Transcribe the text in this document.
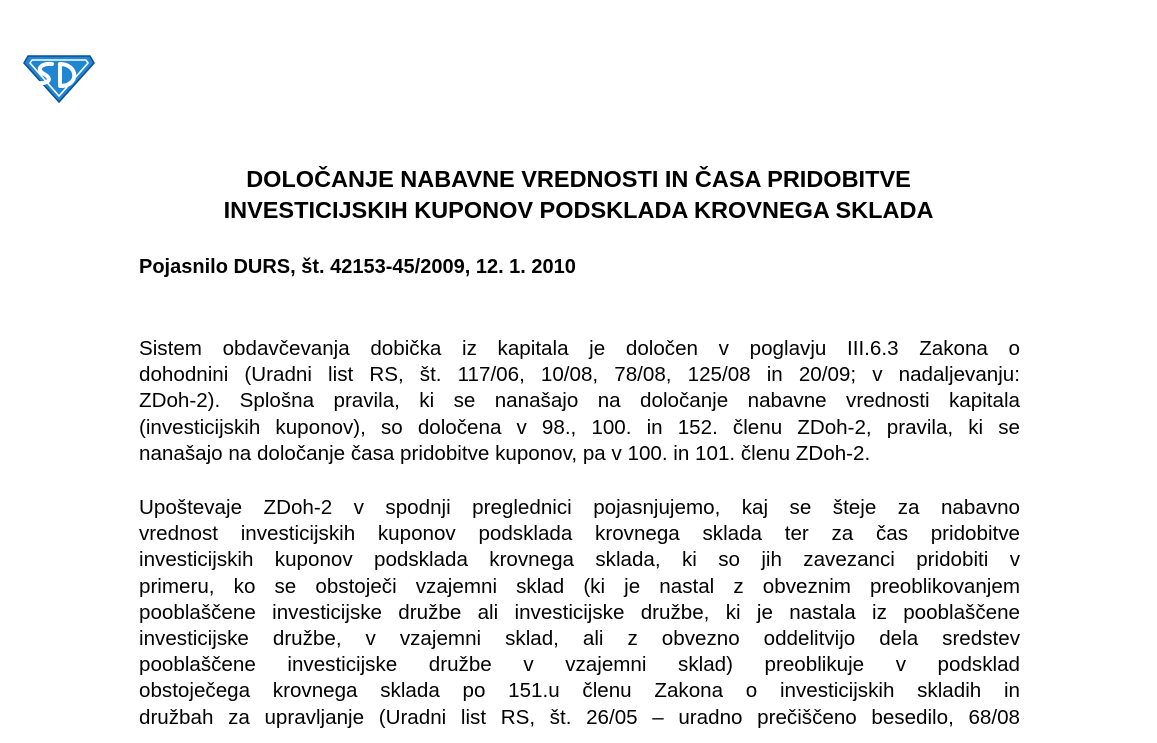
DOLOČANJE NABAVNE VREDNOSTI IN ČASA PRIDOBITVE
INVESTICIJSKIH KUPONOV PODSKLADA KROVNEGA SKLADA
Pojasnilo DURS, št. 42153-45/2009, 12. 1. 2010
Sistem obdavčevanja dobička iz kapitala je določen v poglavju III.6.3 Zakona o
dohodnini (Uradni list RS, št. 117/06, 10/08, 78/08, 125/08 in 20/09; v nadaljevanju:
ZDoh-2). Splošna pravila, ki se nanašajo na določanje nabavne vrednosti kapitala
(investicijskih kuponov), so določena v 98., 100. in 152. členu ZDoh-2, pravila, ki se
nanašajo na določanje časa pridobitve kuponov, pa v 100. in 101. členu ZDoh-2.
Upoštevaje ZDoh-2 v spodnji preglednici pojasnjujemo, kaj se šteje za nabavno
vrednost investicijskih kuponov podsklada krovnega sklada ter za čas pridobitve
investicijskih kuponov podsklada krovnega sklada, ki so jih zavezanci pridobiti v
primeru, ko se obstoječi vzajemni sklad (ki je nastal z obveznim preoblikovanjem
pooblaščene investicijske družbe ali investicijske družbe, ki je nastala iz pooblaščene
investicijske družbe, v vzajemni sklad, ali z obvezno oddelitvijo dela sredstev
pooblaščene investicijske družbe v vzajemni sklad) preoblikuje v podsklad
obstoječega krovnega sklada po 151.u členu Zakona o investicijskih skladih in
družbah za upravljanje (Uradni list RS, št. 26/05 – uradno prečiščeno besedilo, 68/08
